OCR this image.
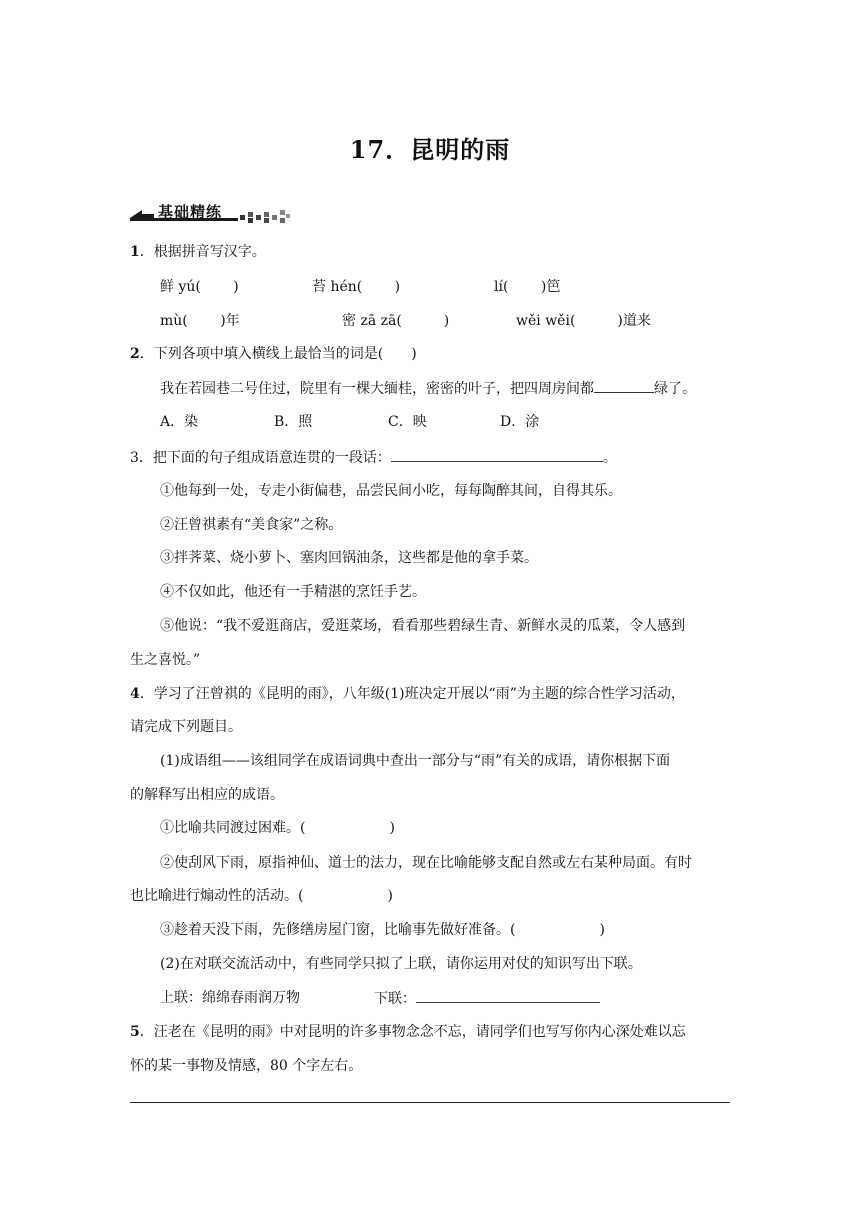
17．昆明的雨
基础精练
1．根据拼音写汉字。
鲜 yú(　　 )	苔 hén(　　 )	lí(　　 )笆
mù(　　 )年	密 zā zā(　　　)	wěi wěi(　　　)道来
2．下列各项中填入横线上最恰当的词是(　　)
我在若园巷二号住过，院里有一棵大缅桂，密密的叶子，把四周房间都	绿了。
A．染	B．照	C．映	D．涂
3．把下面的句子组成语意连贯的一段话：	。
①他每到一处，专走小街偏巷，品尝民间小吃，每每陶醉其间，自得其乐。
②汪曾祺素有“美食家”之称。
③拌荠菜、烧小萝卜、塞肉回锅油条，这些都是他的拿手菜。
④不仅如此，他还有一手精湛的烹饪手艺。
⑤他说：“我不爱逛商店，爱逛菜场，看看那些碧绿生青、新鲜水灵的瓜菜，令人感到
生之喜悦。”
4．学习了汪曾祺的《昆明的雨》，八年级(1)班决定开展以“雨”为主题的综合性学习活动，
请完成下列题目。
(1)成语组——该组同学在成语词典中查出一部分与“雨”有关的成语，请你根据下面
的解释写出相应的成语。
①比喻共同渡过困难。(　　　　　　)
②使刮风下雨，原指神仙、道士的法力，现在比喻能够支配自然或左右某种局面。有时
也比喻进行煽动性的活动。(　　　　　　)
③趁着天没下雨，先修缮房屋门窗，比喻事先做好准备。(　　　　　　)
(2)在对联交流活动中，有些同学只拟了上联，请你运用对仗的知识写出下联。
上联：绵绵春雨润万物	下联：
5．汪老在《昆明的雨》中对昆明的许多事物念念不忘，请同学们也写写你内心深处难以忘
怀的某一事物及情感，80 个字左右。
